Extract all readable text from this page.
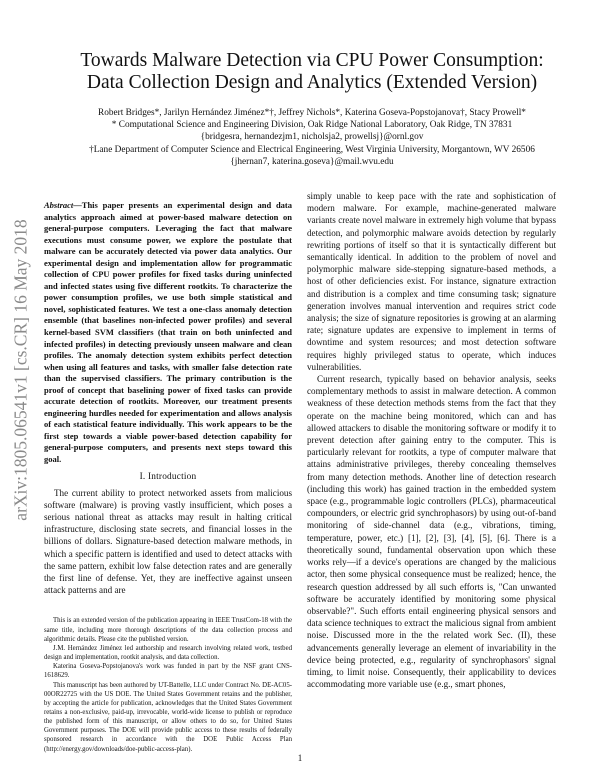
arXiv:1805.06541v1 [cs.CR] 16 May 2018
Towards Malware Detection via CPU Power Consumption:
Data Collection Design and Analytics (Extended Version)
Robert Bridges*, Jarilyn Hernández Jiménez*†, Jeffrey Nichols*, Katerina Goseva-Popstojanova†, Stacy Prowell*
* Computational Science and Engineering Division, Oak Ridge National Laboratory, Oak Ridge, TN 37831
{bridgesra, hernandezjm1, nicholsja2, prowellsj}@ornl.gov
†Lane Department of Computer Science and Electrical Engineering, West Virginia University, Morgantown, WV 26506
{jhernan7, katerina.goseva}@mail.wvu.edu

Abstract—This paper presents an experimental design and data analytics approach aimed at power-based malware detection on general-purpose computers. Leveraging the fact that malware executions must consume power, we explore the postulate that malware can be accurately detected via power data analytics. Our experimental design and implementation allow for programmatic collection of CPU power profiles for fixed tasks during uninfected and infected states using five different rootkits. To characterize the power consumption profiles, we use both simple statistical and novel, sophisticated features. We test a one-class anomaly detection ensemble (that baselines non-infected power profiles) and several kernel-based SVM classifiers (that train on both uninfected and infected profiles) in detecting previously unseen malware and clean profiles. The anomaly detection system exhibits perfect detection when using all features and tasks, with smaller false detection rate than the supervised classifiers. The primary contribution is the proof of concept that baselining power of fixed tasks can provide accurate detection of rootkits. Moreover, our treatment presents engineering hurdles needed for experimentation and allows analysis of each statistical feature individually. This work appears to be the first step towards a viable power-based detection capability for general-purpose computers, and presents next steps toward this goal.

I. Introduction

The current ability to protect networked assets from malicious software (malware) is proving vastly insufficient, which poses a serious national threat as attacks may result in halting critical infrastructure, disclosing state secrets, and financial losses in the billions of dollars. Signature-based detection malware methods, in which a specific pattern is identified and used to detect attacks with the same pattern, exhibit low false detection rates and are generally the first line of defense. Yet, they are ineffective against unseen attack patterns and are

This is an extended version of the publication appearing in IEEE TrustCom-18 with the same title, including more thorough descriptions of the data collection process and algorithmic details. Please cite the published version.

J.M. Hernández Jiménez led authorship and research involving related work, testbed design and implementation, rootkit analysis, and data collection.

Katerina Goseva-Popstojanova's work was funded in part by the NSF grant CNS-1618629.

This manuscript has been authored by UT-Battelle, LLC under Contract No. DE-AC05-00OR22725 with the US DOE. The United States Government retains and the publisher, by accepting the article for publication, acknowledges that the United States Government retains a non-exclusive, paid-up, irrevocable, world-wide license to publish or reproduce the published form of this manuscript, or allow others to do so, for United States Government purposes. The DOE will provide public access to these results of federally sponsored research in accordance with the DOE Public Access Plan (http://energy.gov/downloads/doe-public-access-plan).

simply unable to keep pace with the rate and sophistication of modern malware. For example, machine-generated malware variants create novel malware in extremely high volume that bypass detection, and polymorphic malware avoids detection by regularly rewriting portions of itself so that it is syntactically different but semantically identical. In addition to the problem of novel and polymorphic malware side-stepping signature-based methods, a host of other deficiencies exist. For instance, signature extraction and distribution is a complex and time consuming task; signature generation involves manual intervention and requires strict code analysis; the size of signature repositories is growing at an alarming rate; signature updates are expensive to implement in terms of downtime and system resources; and most detection software requires highly privileged status to operate, which induces vulnerabilities.

Current research, typically based on behavior analysis, seeks complementary methods to assist in malware detection. A common weakness of these detection methods stems from the fact that they operate on the machine being monitored, which can and has allowed attackers to disable the monitoring software or modify it to prevent detection after gaining entry to the computer. This is particularly relevant for rootkits, a type of computer malware that attains administrative privileges, thereby concealing themselves from many detection methods. Another line of detection research (including this work) has gained traction in the embedded system space (e.g., programmable logic controllers (PLCs), pharmaceutical compounders, or electric grid synchrophasors) by using out-of-band monitoring of side-channel data (e.g., vibrations, timing, temperature, power, etc.) [1], [2], [3], [4], [5], [6]. There is a theoretically sound, fundamental observation upon which these works rely—if a device's operations are changed by the malicious actor, then some physical consequence must be realized; hence, the research question addressed by all such efforts is, "Can unwanted software be accurately identified by monitoring some physical observable?". Such efforts entail engineering physical sensors and data science techniques to extract the malicious signal from ambient noise. Discussed more in the the related work Sec. (II), these advancements generally leverage an element of invariability in the device being protected, e.g., regularity of synchrophasors' signal timing, to limit noise. Consequently, their applicability to devices accommodating more variable use (e.g., smart phones,

1
